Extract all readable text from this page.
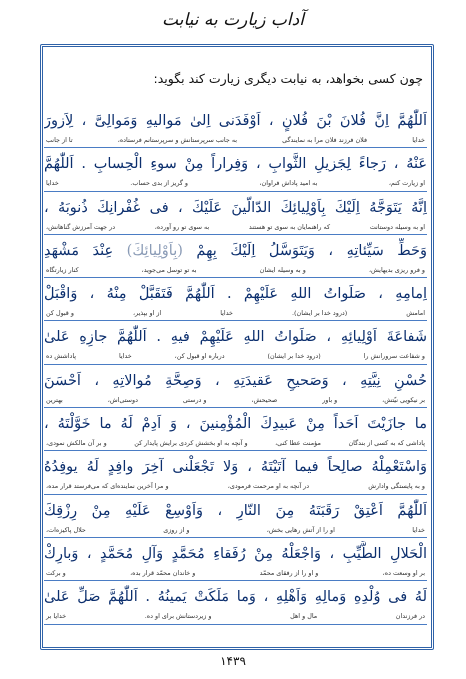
آداب زیارت به نیابت
چون کسی بخواهد، به نیابت دیگری زیارت کند بگوید:
اَللّٰهُمَّ اِنَّ فُلانَ بْنَ فُلانٍ ، اَوْفَدَنى اِلىٰ مَوالیهِ وَمَوالِىَّ ، لِاَزورَ
خدایا
فلان فرزند فلان مرا به نمایندگی
به جانب سرپرستانش و سرپرستانم فرستاده،
تا از جانب
عَنْهُ ، رَجاءً لِجَزیلِ الثَّوابِ ، وَفِراراً مِنْ سوءِ الْحِسابِ . اَللّٰهُمَّ
او زیارت کنم،
به امید پاداش فراوان،
و گریز از بدی حساب.
خدایا
اِنَّهُ یَتَوَجَّهُ اِلَیْكَ بِاَوْلِیائِكَ الدّالّینَ عَلَیْكَ ، فى غُفْرانِكَ ذُنوبَهُ ،
او به وسیله دوستانت
که راهنمایان به سوی تو هستند
به سوی تو رو آورده،
در جهت آمرزش گناهانش،
وَحَطِّ سَیِّئاتِهِ ، وَیَتَوَسَّلُ اِلَیْكَ بِهِمْ (بِاَوْلِیائِكَ) عِنْدَ مَشْهَدِ
و فرو ریزی بدیهایش،
و به وسیله ایشان
به تو توسل می‌جوید،
کنار زیارتگاه
اِمامِهِ ، صَلَواتُ اللهِ عَلَیْهِمْ . اَللّٰهُمَّ فَتَقَبَّلْ مِنْهُ ، وَاقْبَلْ
امامش
(درود خدا بر ایشان).
خدایا
از او بپذیر،
و قبول کن
شَفاعَةَ اَوْلِیائِهِ ، صَلَواتُ اللهِ عَلَیْهِمْ فیهِ . اَللّٰهُمَّ جازِهِ عَلىٰ
و شفاعت سرورانش را
(درود خدا بر ایشان)
درباره او قبول کن،
خدایا
پاداشش ده
حُسْنِ نِیَّتِهِ ، وَصَحیحِ عَقیدَتِهِ ، وَصِحَّةِ مُوالاتِهِ ، اَحْسَنَ
بر نیکویی نیّتش،
و باور
صحیحش،
و درستی
دوستی‌اش،
بهترین
ما جازَیْتَ اَحَداً مِنْ عَبیدِكَ الْمُؤْمِنینَ ، وَ اَدِمْ لَهُ ما خَوَّلْتَهُ ،
پاداشی که به کسی از بندگان
مؤمنت عطا کنی،
و آنچه به او بخشش کردی برایش پایدار کن
و بر آن مالکش نمودی،
وَاسْتَعْمِلْهُ صالِحاً فیما آتَیْتَهُ ، وَلا تَجْعَلْنى آخِرَ وافِدٍ لَهُ یوفِدُهُ
و به پایستگی وادارش
در آنچه به او مرحمت فرمودی،
و مرا آخرین نماینده‌ای که می‌فرستد قرار مده،
اَللّٰهُمَّ اَعْتِقْ رَقَبَتَهُ مِنَ النّارِ ، وَاَوْسِعْ عَلَیْهِ مِنْ رِزْقِكَ
خدایا
او را از آتش رهایی بخش،
و از روزی
حلال پاکیزه‌ات،
الْحَلالِ الطَّیِّبِ ، وَاجْعَلْهُ مِنْ رُفَقاءِ مُحَمَّدٍ وَآلِ مُحَمَّدٍ ، وَبارِكْ
بر او وسعت ده،
و او را از رفقای محمّد
و خاندان محمّد قرار بده،
و برکت
لَهُ فى وُلْدِهِ وَمالِهِ وَاَهْلِهِ ، وَما مَلَكَتْ یَمینُهُ . اَللّٰهُمَّ صَلِّ عَلىٰ
در فرزندان
مال و اهل
و زیردستانش برای او ده.
خدایا بر
۱۴۳۹
